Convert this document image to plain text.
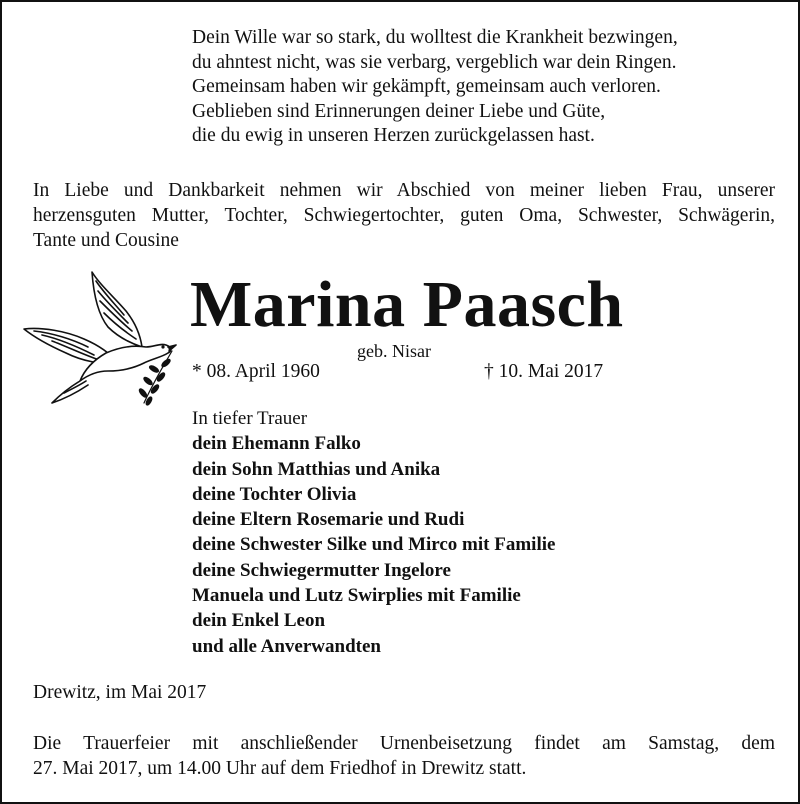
Dein Wille war so stark, du wolltest die Krankheit bezwingen,
du ahntest nicht, was sie verbarg, vergeblich war dein Ringen.
Gemeinsam haben wir gekämpft, gemeinsam auch verloren.
Geblieben sind Erinnerungen deiner Liebe und Güte,
die du ewig in unseren Herzen zurückgelassen hast.
In Liebe und Dankbarkeit nehmen wir Abschied von meiner lieben Frau, unserer
herzensguten Mutter, Tochter, Schwiegertochter, guten Oma, Schwester, Schwägerin,
Tante und Cousine
Marina Paasch
geb. Nisar
* 08. April 1960	† 10. Mai 2017
In tiefer Trauer
dein Ehemann Falko
dein Sohn Matthias und Anika
deine Tochter Olivia
deine Eltern Rosemarie und Rudi
deine Schwester Silke und Mirco mit Familie
deine Schwiegermutter Ingelore
Manuela und Lutz Swirplies mit Familie
dein Enkel Leon
und alle Anverwandten
Drewitz, im Mai 2017
Die Trauerfeier mit anschließender Urnenbeisetzung findet am Samstag, dem
27. Mai 2017, um 14.00 Uhr auf dem Friedhof in Drewitz statt.
